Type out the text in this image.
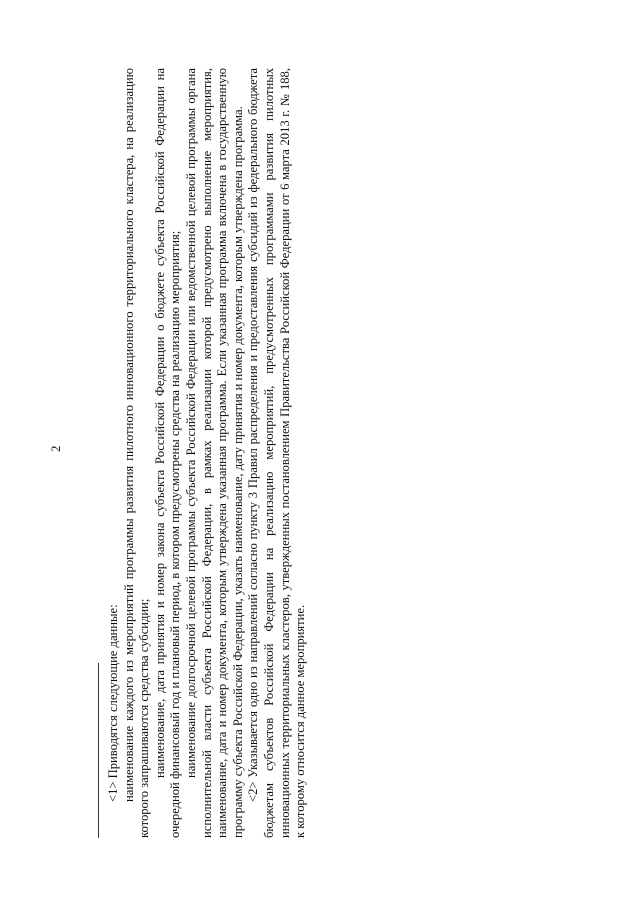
2

<1> Приводятся следующие данные: наименование каждого из мероприятий программы развития пилотного инновационного территориального кластера, на реализацию которого запрашиваются средства субсидии; наименование, дата принятия и номер закона субъекта Российской Федерации о бюджете субъекта Российской Федерации на очередной финансовый год и плановый период, в котором предусмотрены средства на реализацию мероприятия; наименование долгосрочной целевой программы субъекта Российской Федерации или ведомственной целевой программы органа исполнительной власти субъекта Российской Федерации, в рамках реализации которой предусмотрено выполнение мероприятия, наименование, дата и номер документа, которым утверждена указанная программа. Если указанная программа включена в государственную программу субъекта Российской Федерации, указать наименование, дату принятия и номер документа, которым утверждена программа. <2> Указывается одно из направлений согласно пункту 3 Правил распределения и предоставления субсидий из федерального бюджета бюджетам субъектов Российской Федерации на реализацию мероприятий, предусмотренных программами развития пилотных инновационных территориальных кластеров, утвержденных постановлением Правительства Российской Федерации от 6 марта 2013 г. № 188, к которому относится данное мероприятие.
